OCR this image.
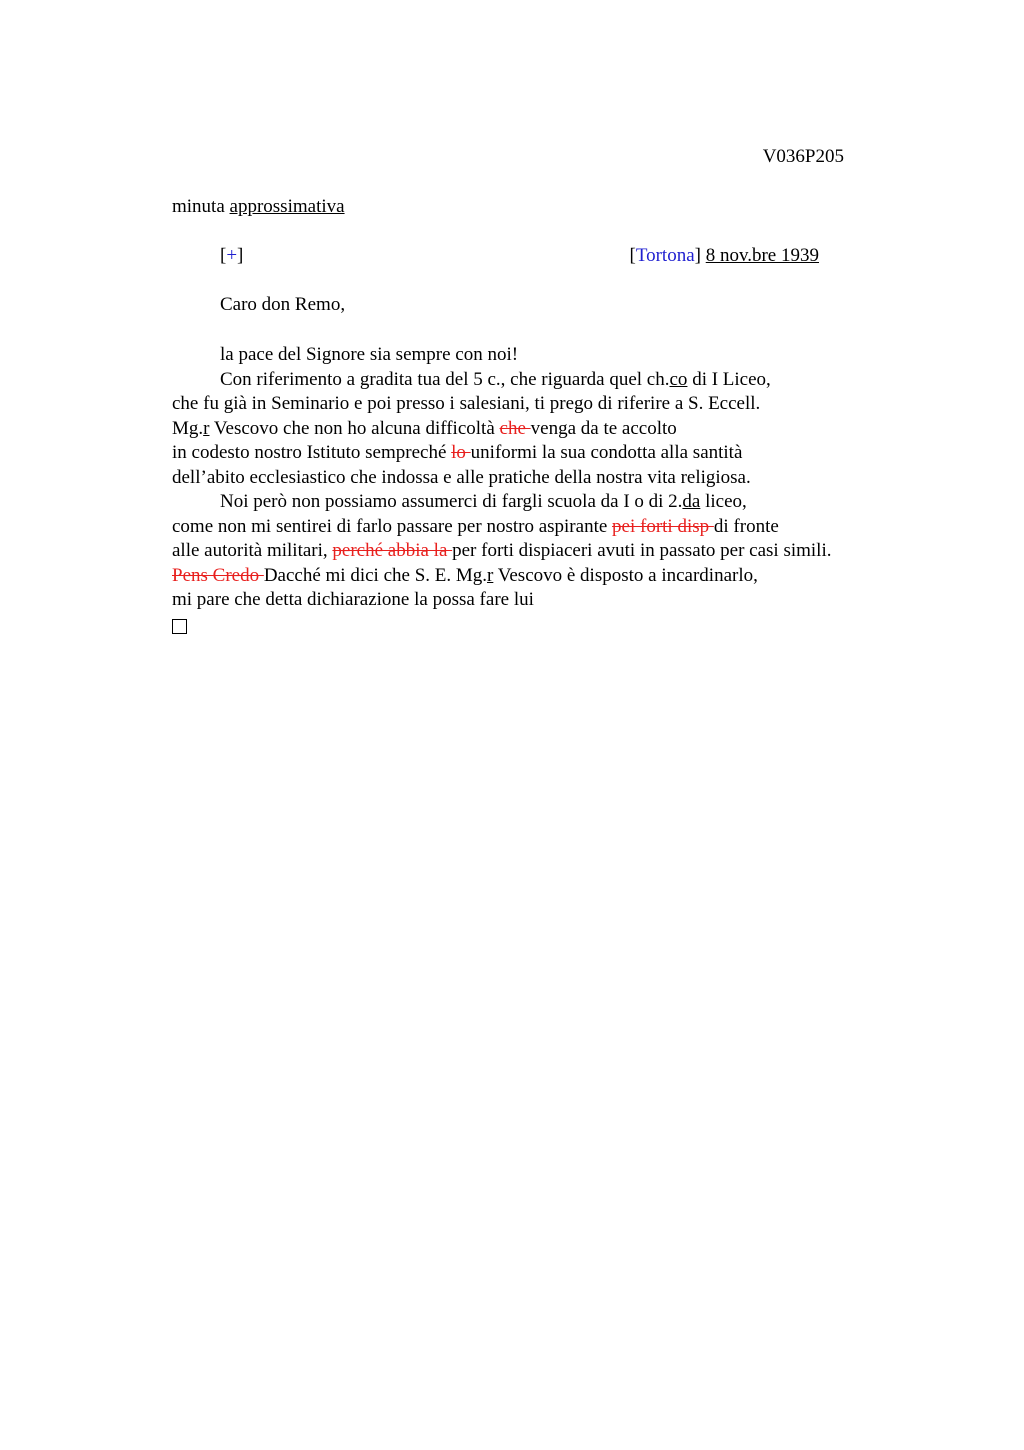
V036P205
minuta approssimativa
[+]	[Tortona] 8 nov.bre 1939
Caro don Remo,
la pace del Signore sia sempre con noi!
Con riferimento a gradita tua del 5 c., che riguarda quel ch.co di I Liceo,
che fu già in Seminario e poi presso i salesiani, ti prego di riferire a S. Eccell.
Mg.r Vescovo che non ho alcuna difficoltà che venga da te accolto
in codesto nostro Istituto sempreché lo uniformi la sua condotta alla santità
dell’abito ecclesiastico che indossa e alle pratiche della nostra vita religiosa.
Noi però non possiamo assumerci di fargli scuola da I o di 2.da liceo,
come non mi sentirei di farlo passare per nostro aspirante pei forti disp di fronte
alle autorità militari, perché abbia la per forti dispiaceri avuti in passato per casi simili.
Pens Credo Dacché mi dici che S. E. Mg.r Vescovo è disposto a incardinarlo,
mi pare che detta dichiarazione la possa fare lui
